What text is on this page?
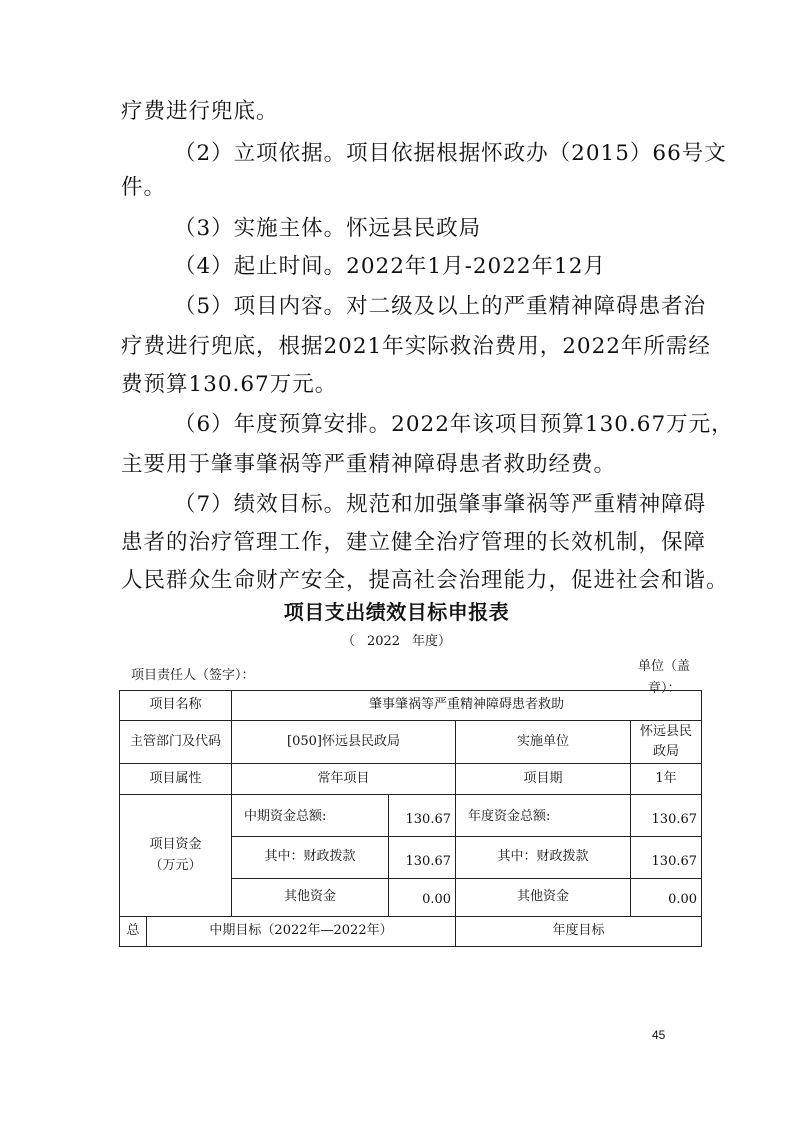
疗费进行兜底。
（2）立项依据。项目依据根据怀政办（2015）66号文
件。
（3）实施主体。怀远县民政局
（4）起止时间。2022年1月-2022年12月
（5）项目内容。对二级及以上的严重精神障碍患者治
疗费进行兜底，根据2021年实际救治费用，2022年所需经
费预算130.67万元。
（6）年度预算安排。2022年该项目预算130.67万元，
主要用于肇事肇祸等严重精神障碍患者救助经费。
（7）绩效目标。规范和加强肇事肇祸等严重精神障碍
患者的治疗管理工作，建立健全治疗管理的长效机制，保障
人民群众生命财产安全，提高社会治理能力，促进社会和谐。
项目支出绩效目标申报表
（ 2022 年度）
项目责任人（签字）：
单位（盖
章）：
项目名称		肇事肇祸等严重精神障碍患者救助			
主管部门及代码		[050]怀远县民政局		实施单位	怀远县民
政局

项目属性		常年项目		项目期	1年

项目资金
（万元）		中期资金总额:	130.67	年度资金总额:	130.67
		其中：财政拨款	130.67	其中：财政拨款	130.67
		其他资金	0.00	其他资金	0.00
总	中期目标（2022年—2022年）			年度目标	
45
